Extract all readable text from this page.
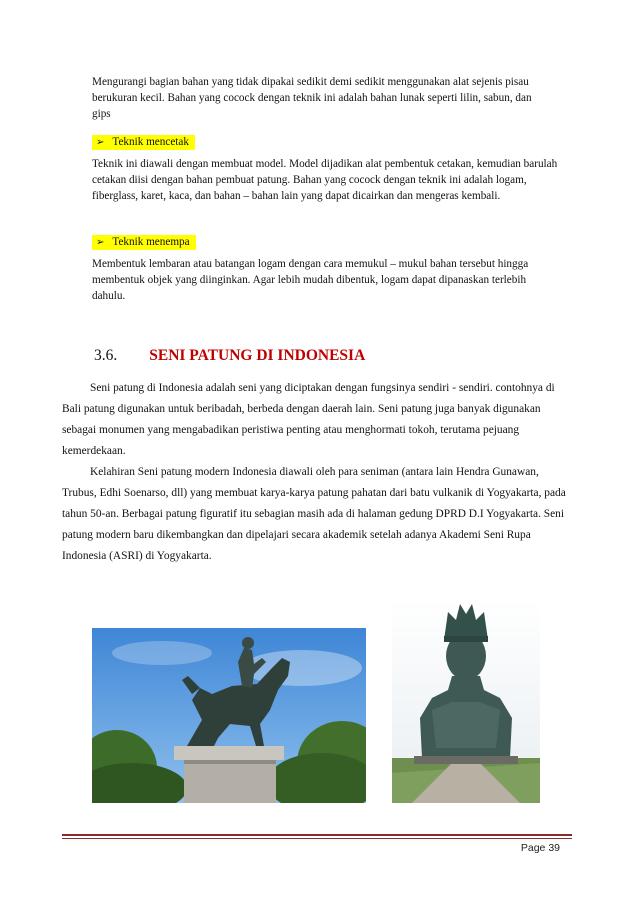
Mengurangi bagian bahan yang tidak dipakai sedikit demi sedikit menggunakan alat sejenis pisau berukuran kecil. Bahan yang cocock dengan teknik ini adalah bahan lunak seperti lilin, sabun, dan gips

➢ Teknik mencetak

Teknik ini diawali dengan membuat model. Model dijadikan alat pembentuk cetakan, kemudian barulah cetakan diisi dengan bahan pembuat patung. Bahan yang cocock dengan teknik ini adalah logam, fiberglass, karet, kaca, dan bahan – bahan lain yang dapat dicairkan dan mengeras kembali.

➢ Teknik menempa

Membentuk lembaran atau batangan logam dengan cara memukul – mukul bahan tersebut hingga membentuk objek yang diinginkan. Agar lebih mudah dibentuk, logam dapat dipanaskan terlebih dahulu.

3.6. SENI PATUNG DI INDONESIA

Seni patung di Indonesia adalah seni yang diciptakan dengan fungsinya sendiri - sendiri. contohnya di Bali patung digunakan untuk beribadah, berbeda dengan daerah lain. Seni patung juga banyak digunakan sebagai monumen yang mengabadikan peristiwa penting atau menghormati tokoh, terutama pejuang kemerdekaan.

Kelahiran Seni patung modern Indonesia diawali oleh para seniman (antara lain Hendra Gunawan, Trubus, Edhi Soenarso, dll) yang membuat karya-karya patung pahatan dari batu vulkanik di Yogyakarta, pada tahun 50-an. Berbagai patung figuratif itu sebagian masih ada di halaman gedung DPRD D.I Yogyakarta. Seni patung modern baru dikembangkan dan dipelajari secara akademik setelah adanya Akademi Seni Rupa Indonesia (ASRI) di Yogyakarta.

Page 39
